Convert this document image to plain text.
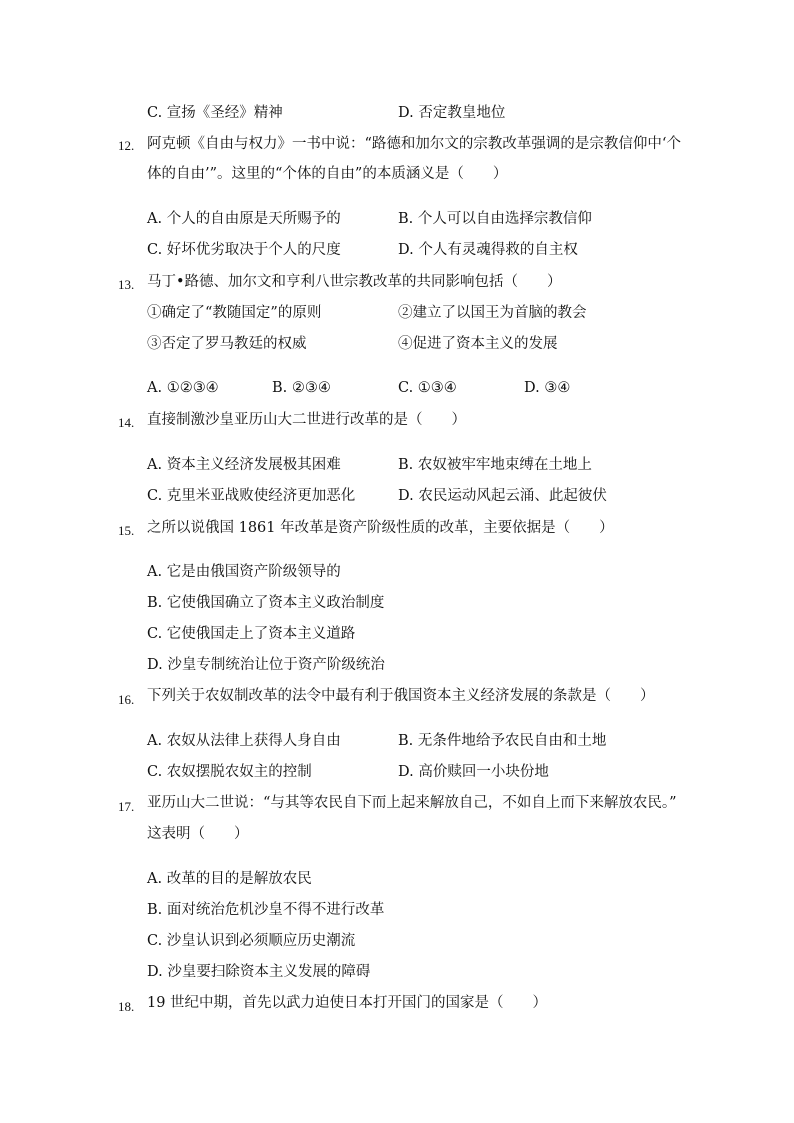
C. 宣扬《圣经》精神	D. 否定教皇地位
12. 阿克顿《自由与权力》一书中说：“路德和加尔文的宗教改革强调的是宗教信仰中‘个
体的自由’”。这里的“个体的自由”的本质涵义是（　　）
A. 个人的自由原是天所赐予的	B. 个人可以自由选择宗教信仰
C. 好坏优劣取决于个人的尺度	D. 个人有灵魂得救的自主权
13. 马丁•路德、加尔文和亨利八世宗教改革的共同影响包括（　　）
①确定了“教随国定”的原则	②建立了以国王为首脑的教会
③否定了罗马教廷的权威	④促进了资本主义的发展
A. ①②③④	B. ②③④	C. ①③④	D. ③④
14. 直接制激沙皇亚历山大二世进行改革的是（　　）
A. 资本主义经济发展极其困难	B. 农奴被牢牢地束缚在土地上
C. 克里米亚战败使经济更加恶化	D. 农民运动风起云涌、此起彼伏
15. 之所以说俄国 1861 年改革是资产阶级性质的改革，主要依据是（　　）
A. 它是由俄国资产阶级领导的
B. 它使俄国确立了资本主义政治制度
C. 它使俄国走上了资本主义道路
D. 沙皇专制统治让位于资产阶级统治
16. 下列关于农奴制改革的法令中最有利于俄国资本主义经济发展的条款是（　　）
A. 农奴从法律上获得人身自由	B. 无条件地给予农民自由和土地
C. 农奴摆脱农奴主的控制	D. 高价赎回一小块份地
17. 亚历山大二世说：“与其等农民自下而上起来解放自己，不如自上而下来解放农民。”
这表明（　　）
A. 改革的目的是解放农民
B. 面对统治危机沙皇不得不进行改革
C. 沙皇认识到必须顺应历史潮流
D. 沙皇要扫除资本主义发展的障碍
18. 19 世纪中期，首先以武力迫使日本打开国门的国家是（　　）
